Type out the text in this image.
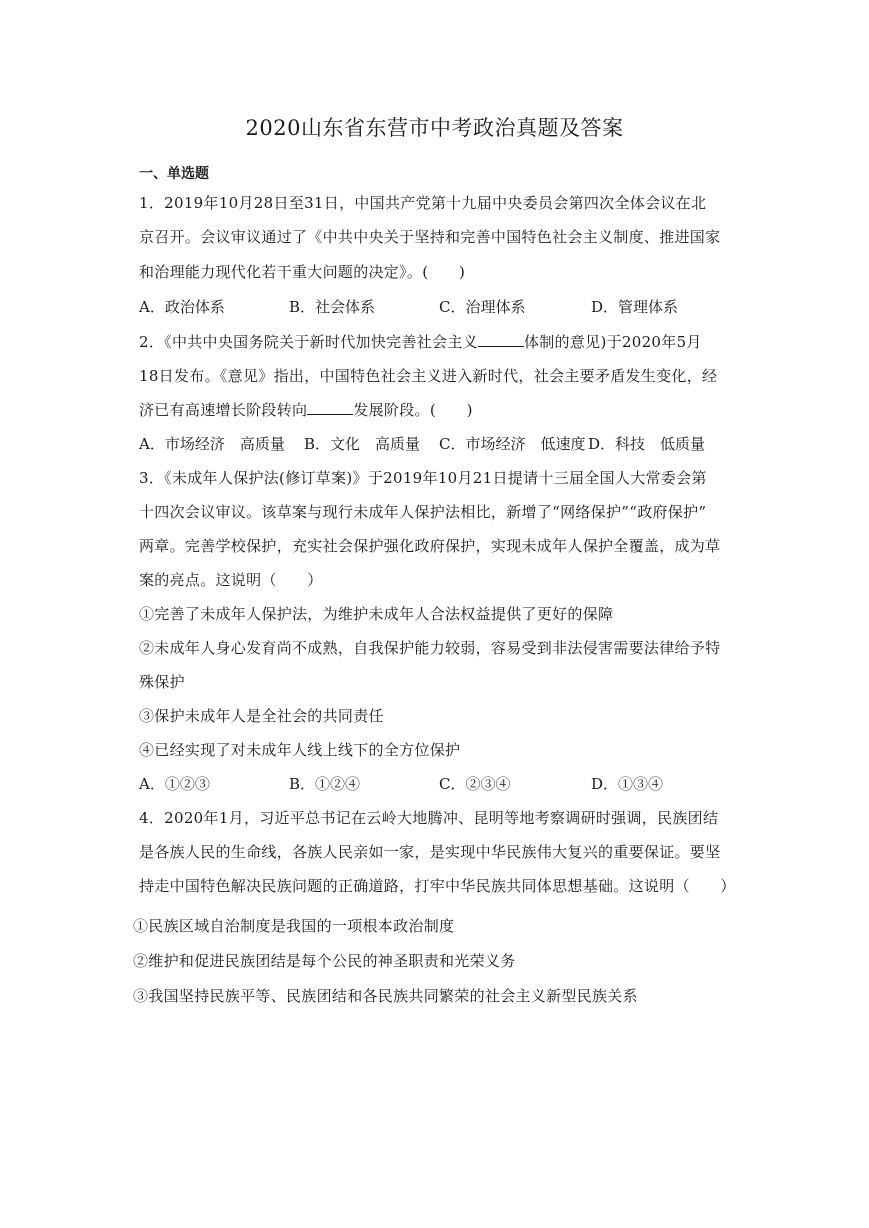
2020山东省东营市中考政治真题及答案
一、单选题
1．2019年10月28日至31日，中国共产党第十九届中央委员会第四次全体会议在北
京召开。会议审议通过了《中共中央关于坚持和完善中国特色社会主义制度、推进国家
和治理能力现代化若干重大问题的决定》。(　　)
A．政治体系	B．社会体系	C．治理体系	D．管理体系
2．《中共中央国务院关于新时代加快完善社会主义	体制的意见)于2020年5月
18日发布。《意见》指出，中国特色社会主义进入新时代，社会主要矛盾发生变化，经
济已有高速增长阶段转向	发展阶段。(　　)
A．市场经济　高质量 B．文化　高质量 C．市场经济　低速度 D．科技　低质量
3．《未成年人保护法(修订草案)》于2019年10月21日提请十三届全国人大常委会第
十四次会议审议。该草案与现行未成年人保护法相比，新增了“网络保护”“政府保护”
两章。完善学校保护，充实社会保护强化政府保护，实现未成年人保护全覆盖，成为草
案的亮点。这说明（　　）
①完善了未成年人保护法，为维护未成年人合法权益提供了更好的保障
②未成年人身心发育尚不成熟，自我保护能力较弱，容易受到非法侵害需要法律给予特
殊保护
③保护未成年人是全社会的共同责任
④已经实现了对未成年人线上线下的全方位保护
A．①②③	B．①②④	C．②③④	D．①③④
4．2020年1月，习近平总书记在云岭大地腾冲、昆明等地考察调研时强调，民族团结
是各族人民的生命线，各族人民亲如一家，是实现中华民族伟大复兴的重要保证。要坚
持走中国特色解决民族问题的正确道路，打牢中华民族共同体思想基础。这说明（　　）
①民族区域自治制度是我国的一项根本政治制度
②维护和促进民族团结是每个公民的神圣职责和光荣义务
③我国坚持民族平等、民族团结和各民族共同繁荣的社会主义新型民族关系
